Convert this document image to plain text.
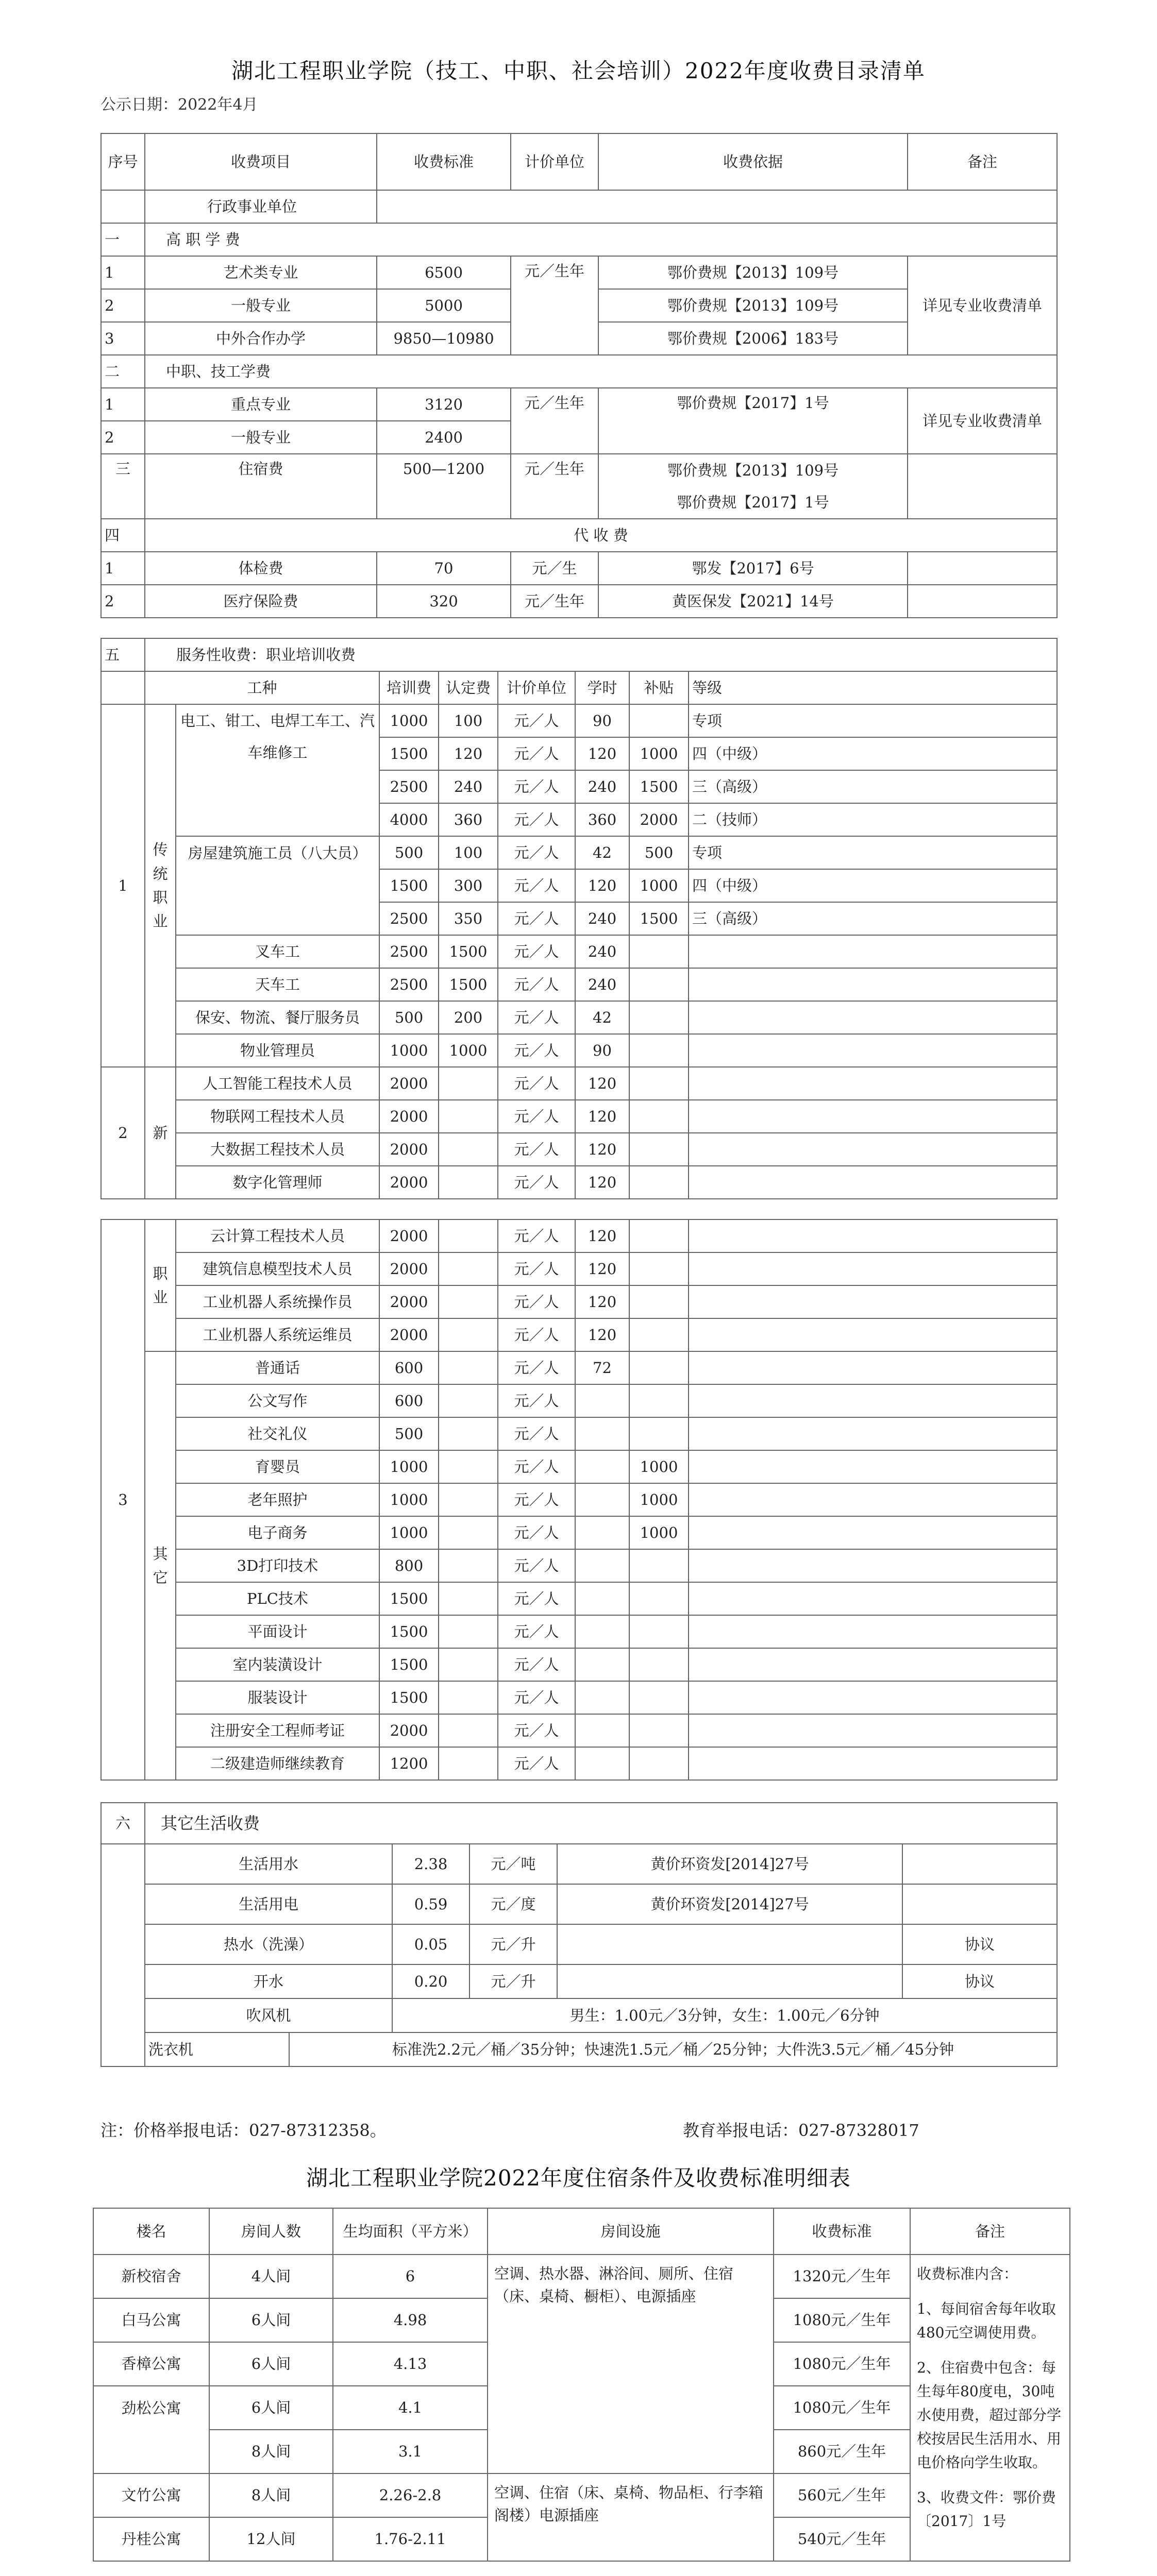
湖北工程职业学院（技工、中职、社会培训）2022年度收费目录清单
公示日期：2022年4月
序号	收费项目	收费标准	计价单位	收费依据	备注
	行政事业单位				
一	高 职 学 费				
1	艺术类专业	6500	元／生年	鄂价费规【2013】109号	详见专业收费清单
2	一般专业	5000		鄂价费规【2013】109号	
3	中外合作办学	9850—10980		鄂价费规【2006】183号	
二	中职、技工学费				
1	重点专业	3120	元／生年	鄂价费规【2017】1号	详见专业收费清单
2	一般专业	2400			
三	住宿费	500—1200	元／生年	鄂价费规【2013】109号
鄂价费规【2017】1号	

四	代 收 费				
1	体检费	70	元／生	鄂发【2017】6号	
2	医疗保险费	320	元／生年	黄医保发【2021】14号	
五	服务性收费：职业培训收费							
	工种		培训费	认定费	计价单位	学时	补贴	等级
1	传统职业	电工、钳工、电焊工车工、汽车维修工	1000	100	元／人	90		专项
			1500	120	元／人	120	1000	四（中级）
			2500	240	元／人	240	1500	三（高级）
			4000	360	元／人	360	2000	二（技师）
		房屋建筑施工员（八大员）	500	100	元／人	42	500	专项
			1500	300	元／人	120	1000	四（中级）
			2500	350	元／人	240	1500	三（高级）
		叉车工	2500	1500	元／人	240		
		天车工	2500	1500	元／人	240		
		保安、物流、餐厅服务员	500	200	元／人	42		
		物业管理员	1000	1000	元／人	90		
2	新	人工智能工程技术人员	2000		元／人	120		
		物联网工程技术人员	2000		元／人	120		
		大数据工程技术人员	2000		元／人	120		
		数字化管理师	2000		元／人	120		

3	职业	云计算工程技术人员	2000		元／人	120		
		建筑信息模型技术人员	2000		元／人	120		
		工业机器人系统操作员	2000		元／人	120		
		工业机器人系统运维员	2000		元／人	120		
	其它	普通话	600		元／人	72		
		公文写作	600		元／人			
		社交礼仪	500		元／人			
		育婴员	1000		元／人		1000	
		老年照护	1000		元／人		1000	
		电子商务	1000		元／人		1000	
		3D打印技术	800		元／人			
		PLC技术	1500		元／人			
		平面设计	1500		元／人			
		室内装潢设计	1500		元／人			
		服装设计	1500		元／人			
		注册安全工程师考证	2000		元／人			
		二级建造师继续教育	1200		元／人			
六	其它生活收费						
	生活用水		2.38	元／吨	黄价环资发[2014]27号		
	生活用电		0.59	元／度	黄价环资发[2014]27号		
	热水（洗澡）		0.05	元／升		协议	
	开水		0.20	元／升		协议	
	吹风机		男生：1.00元／3分钟，女生：1.00元／6分钟	
	洗衣机	标准洗2.2元／桶／35分钟；快速洗1.5元／桶／25分钟；大件洗3.5元／桶／45分钟					
注：价格举报电话：027-87312358。	教育举报电话：027-87328017
湖北工程职业学院2022年度住宿条件及收费标准明细表
楼名	房间人数	生均面积（平方米）	房间设施	收费标准	备注
新校宿舍	4人间	6	空调、热水器、淋浴间、厕所、住宿（床、桌椅、橱柜）、电源插座	1320元／生年	收费标准内含：
1、每间宿舍每年收取480元空调使用费。
2、住宿费中包含：每生每年80度电，30吨水使用费，超过部分学校按居民生活用水、用电价格向学生收取。
3、收费文件：鄂价费〔2017〕1号

白马公寓	6人间	4.98		1080元／生年	
香樟公寓	6人间	4.13		1080元／生年	
劲松公寓	6人间	4.1		1080元／生年	
	8人间	3.1		860元／生年	
文竹公寓	8人间	2.26-2.8	空调、住宿（床、桌椅、物品柜、行李箱阁楼）电源插座	560元／生年	
丹桂公寓	12人间	1.76-2.11		540元／生年	
